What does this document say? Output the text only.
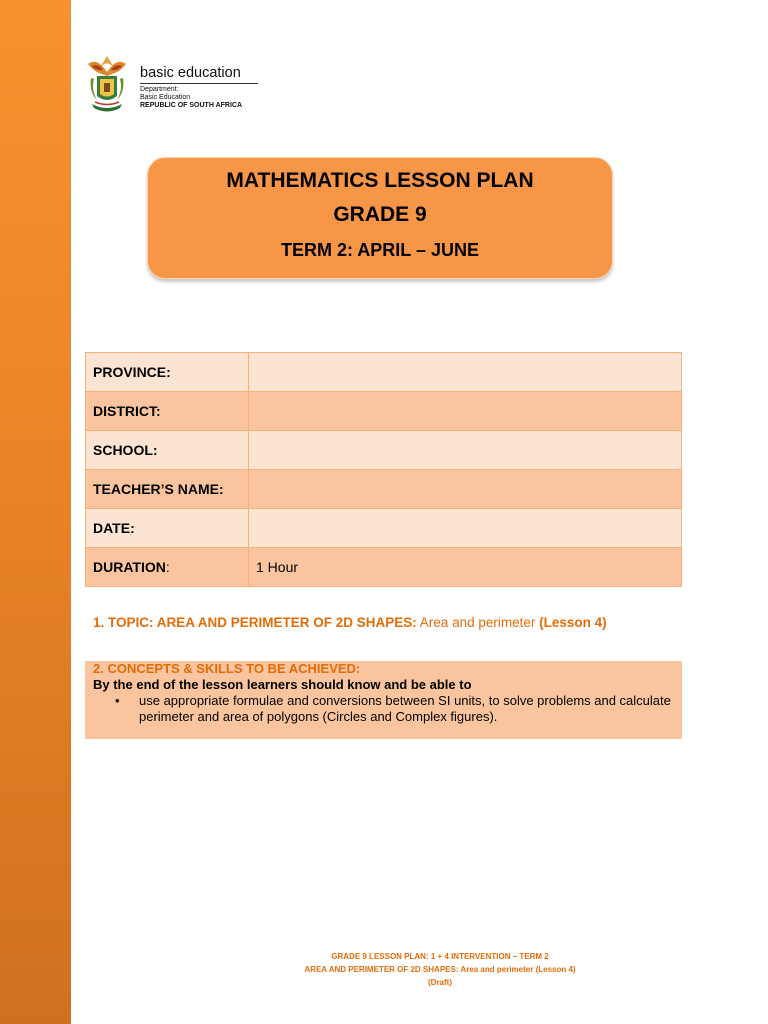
basic education
Department:
Basic Education
REPUBLIC OF SOUTH AFRICA
MATHEMATICS LESSON PLAN
GRADE 9
TERM 2: APRIL – JUNE
PROVINCE:	
DISTRICT:	
SCHOOL:	
TEACHER’S NAME:	
DATE:	
DURATION:	1 Hour
1. TOPIC: AREA AND PERIMETER OF 2D SHAPES: Area and perimeter (Lesson 4)
2. CONCEPTS & SKILLS TO BE ACHIEVED:
By the end of the lesson learners should know and be able to
• use appropriate formulae and conversions between SI units, to solve problems and calculate perimeter and area of polygons (Circles and Complex figures).
GRADE 9 LESSON PLAN: 1 + 4 INTERVENTION – TERM 2
AREA AND PERIMETER OF 2D SHAPES: Area and perimeter (Lesson 4)
(Draft)
